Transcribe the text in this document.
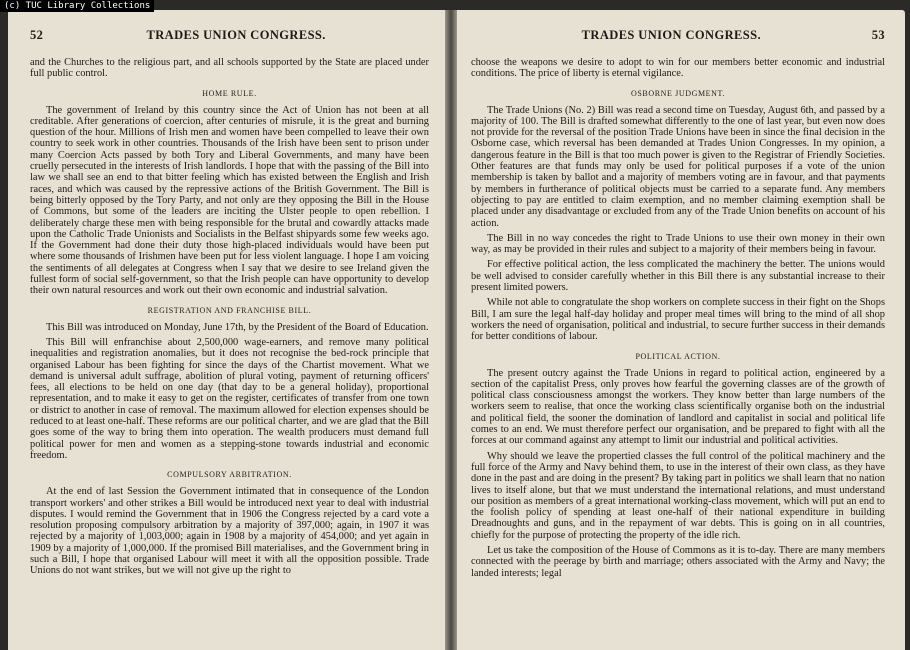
(c) TUC Library Collections
52	TRADES UNION CONGRESS.

and the Churches to the religious part, and all schools supported by the State are placed under full public control.

HOME RULE.

The government of Ireland by this country since the Act of Union has not been at all creditable. After generations of coercion, after centuries of misrule, it is the great and burning question of the hour. Millions of Irish men and women have been compelled to leave their own country to seek work in other countries. Thousands of the Irish have been sent to prison under many Coercion Acts passed by both Tory and Liberal Governments, and many have been cruelly persecuted in the interests of Irish landlords. I hope that with the passing of the Bill into law we shall see an end to that bitter feeling which has existed between the English and Irish races, and which was caused by the repressive actions of the British Government. The Bill is being bitterly opposed by the Tory Party, and not only are they opposing the Bill in the House of Commons, but some of the leaders are inciting the Ulster people to open rebellion. I deliberately charge these men with being responsible for the brutal and cowardly attacks made upon the Catholic Trade Unionists and Socialists in the Belfast shipyards some few weeks ago. If the Government had done their duty those high-placed individuals would have been put where some thousands of Irishmen have been put for less violent language. I hope I am voicing the sentiments of all delegates at Congress when I say that we desire to see Ireland given the fullest form of social self-government, so that the Irish people can have opportunity to develop their own natural resources and work out their own economic and industrial salvation.

REGISTRATION AND FRANCHISE BILL.

This Bill was introduced on Monday, June 17th, by the President of the Board of Education.

This Bill will enfranchise about 2,500,000 wage-earners, and remove many political inequalities and registration anomalies, but it does not recognise the bed-rock principle that organised Labour has been fighting for since the days of the Chartist movement. What we demand is universal adult suffrage, abolition of plural voting, payment of returning officers' fees, all elections to be held on one day (that day to be a general holiday), proportional representation, and to make it easy to get on the register, certificates of transfer from one town or district to another in case of removal. The maximum allowed for election expenses should be reduced to at least one-half. These reforms are our political charter, and we are glad that the Bill goes some of the way to bring them into operation. The wealth producers must demand full political power for men and women as a stepping-stone towards industrial and economic freedom.

COMPULSORY ARBITRATION.

At the end of last Session the Government intimated that in consequence of the London transport workers' and other strikes a Bill would be introduced next year to deal with industrial disputes. I would remind the Government that in 1906 the Congress rejected by a card vote a resolution proposing compulsory arbitration by a majority of 397,000; again, in 1907 it was rejected by a majority of 1,003,000; again in 1908 by a majority of 454,000; and yet again in 1909 by a majority of 1,000,000. If the promised Bill materialises, and the Government bring in such a Bill, I hope that organised Labour will meet it with all the opposition possible. Trade Unions do not want strikes, but we will not give up the right to

TRADES UNION CONGRESS.	53

choose the weapons we desire to adopt to win for our members better economic and industrial conditions. The price of liberty is eternal vigilance.

OSBORNE JUDGMENT.

The Trade Unions (No. 2) Bill was read a second time on Tuesday, August 6th, and passed by a majority of 100. The Bill is drafted somewhat differently to the one of last year, but even now does not provide for the reversal of the position Trade Unions have been in since the final decision in the Osborne case, which reversal has been demanded at Trades Union Congresses. In my opinion, a dangerous feature in the Bill is that too much power is given to the Registrar of Friendly Societies. Other features are that funds may only be used for political purposes if a vote of the union membership is taken by ballot and a majority of members voting are in favour, and that payments by members in furtherance of political objects must be carried to a separate fund. Any members objecting to pay are entitled to claim exemption, and no member claiming exemption shall be placed under any disadvantage or excluded from any of the Trade Union benefits on account of his action.

The Bill in no way concedes the right to Trade Unions to use their own money in their own way, as may be provided in their rules and subject to a majority of their members being in favour.

For effective political action, the less complicated the machinery the better. The unions would be well advised to consider carefully whether in this Bill there is any substantial increase to their present limited powers.

While not able to congratulate the shop workers on complete success in their fight on the Shops Bill, I am sure the legal half-day holiday and proper meal times will bring to the mind of all shop workers the need of organisation, political and industrial, to secure further success in their demands for better conditions of labour.

POLITICAL ACTION.

The present outcry against the Trade Unions in regard to political action, engineered by a section of the capitalist Press, only proves how fearful the governing classes are of the growth of political class consciousness amongst the workers. They know better than large numbers of the workers seem to realise, that once the working class scientifically organise both on the industrial and political field, the sooner the domination of landlord and capitalist in social and political life comes to an end. We must therefore perfect our organisation, and be prepared to fight with all the forces at our command against any attempt to limit our industrial and political activities.

Why should we leave the propertied classes the full control of the political machinery and the full force of the Army and Navy behind them, to use in the interest of their own class, as they have done in the past and are doing in the present? By taking part in politics we shall learn that no nation lives to itself alone, but that we must understand the international relations, and must understand our position as members of a great international working-class movement, which will put an end to the foolish policy of spending at least one-half of their national expenditure in building Dreadnoughts and guns, and in the repayment of war debts. This is going on in all countries, chiefly for the purpose of protecting the property of the idle rich.

Let us take the composition of the House of Commons as it is to-day. There are many members connected with the peerage by birth and marriage; others associated with the Army and Navy; the landed interests; legal
